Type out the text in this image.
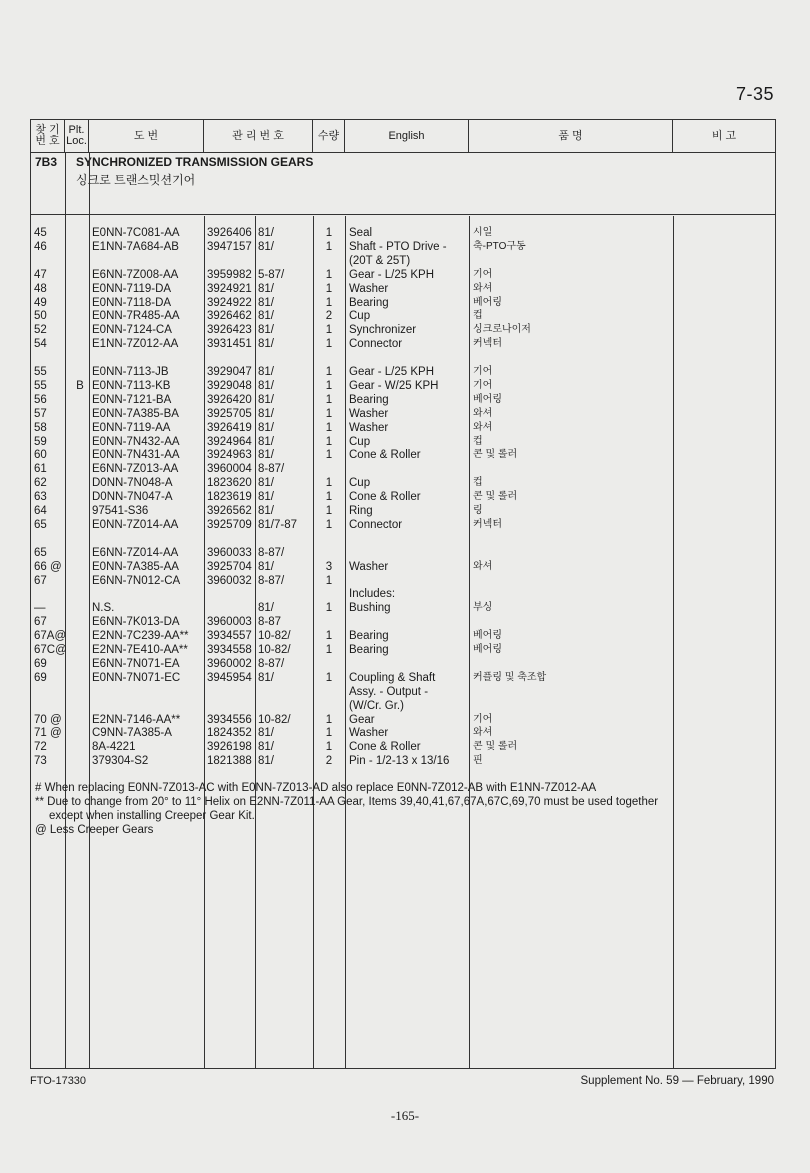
7-35
찾 기 번 호
Plt. Loc.	도 번	관 리 번 호	수량	English	품 명	비 고
7B3 SYNCHRONIZED TRANSMISSION GEARS
싱크로 트랜스밋션기어
45	E0NN-7C081-AA 3926406 81/	1	Seal	시일
46	E1NN-7A684-AB 3947157 81/	1	Shaft - PTO Drive -	축-PTO구동
(20T & 25T)
47	E6NN-7Z008-AA 3959982 5-87/	1	Gear - L/25 KPH	기어
48	E0NN-7119-DA	3924921 81/	1	Washer	와셔
49	E0NN-7118-DA	3924922 81/	1	Bearing	베어링
50	E0NN-7R485-AA 3926462 81/	2	Cup	컵
52	E0NN-7124-CA	3926423 81/	1	Synchronizer	싱크로나이저
54	E1NN-7Z012-AA 3931451 81/	1	Connector	커넥터
55	E0NN-7113-JB	3929047 81/	1	Gear - L/25 KPH	기어
55	B E0NN-7113-KB	3929048 81/	1	Gear - W/25 KPH	기어
56	E0NN-7121-BA	3926420 81/	1	Bearing	베어링
57	E0NN-7A385-BA 3925705 81/	1	Washer	와셔
58	E0NN-7119-AA	3926419 81/	1	Washer	와셔
59	E0NN-7N432-AA 3924964 81/	1	Cup	컵
60	E0NN-7N431-AA 3924963 81/	1	Cone & Roller	콘 및 롤러
61	E6NN-7Z013-AA 3960004 8-87/
62	D0NN-7N048-A	1823620 81/	1	Cup	컵
63	D0NN-7N047-A	1823619 81/	1	Cone & Roller	콘 및 롤러
64	97541-S36	3926562 81/	1	Ring	링
65	E0NN-7Z014-AA 3925709 81/7-87	1	Connector	커넥터
65	E6NN-7Z014-AA 3960033 8-87/
66 @	E0NN-7A385-AA 3925704 81/	3	Washer	와셔
67	E6NN-7N012-CA 3960032 8-87/	1
Includes:
—	N.S.	81/	1	Bushing	부싱
67	E6NN-7K013-DA 3960003 8-87
67A@ E2NN-7C239-AA** 3934557 10-82/	1	Bearing	베어링
67C@ E2NN-7E410-AA** 3934558 10-82/	1	Bearing	베어링
69	E6NN-7N071-EA 3960002 8-87/
69	E0NN-7N071-EC 3945954 81/	1	Coupling & Shaft	커플링 및 축조합
Assy. - Output -
(W/Cr. Gr.)
70 @	E2NN-7146-AA** 3934556 10-82/	1	Gear	기어
71 @	C9NN-7A385-A	1824352 81/	1	Washer	와셔
72	8A-4221	3926198 81/	1	Cone & Roller	콘 및 롤러
73	379304-S2	1821388 81/	2	Pin - 1/2-13 x 13/16 핀
# When replacing E0NN-7Z013-AC with E0NN-7Z013-AD also replace E0NN-7Z012-AB with E1NN-7Z012-AA
** Due to change from 20° to 11° Helix on E2NN-7Z011-AA Gear, Items 39,40,41,67,67A,67C,69,70 must be used together
except when installing Creeper Gear Kit.
@ Less Creeper Gears
FTO-17330	Supplement No. 59 — February, 1990
-165-
